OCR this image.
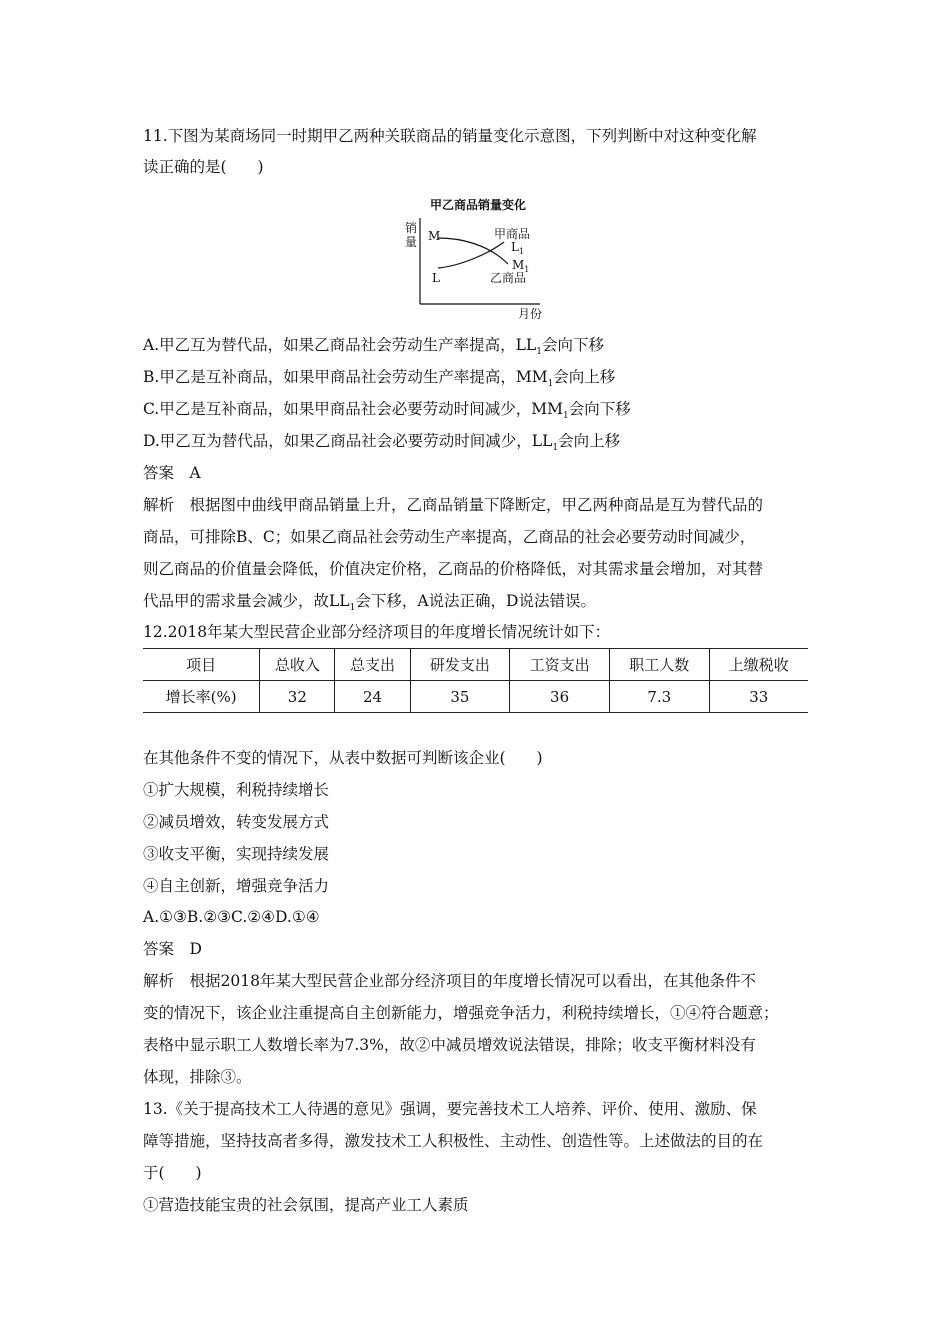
11.下图为某商场同一时期甲乙两种关联商品的销量变化示意图，下列判断中对这种变化解
读正确的是(　　)
甲乙商品销量变化
销
量 M
L
甲商品
$L_1$
$M_1$
乙商品
月份
A.甲乙互为替代品，如果乙商品社会劳动生产率提高，$LL_1$会向下移
B.甲乙是互补商品，如果甲商品社会劳动生产率提高，$MM_1$会向上移
C.甲乙是互补商品，如果甲商品社会必要劳动时间减少，$MM_1$会向下移
D.甲乙互为替代品，如果乙商品社会必要劳动时间减少，$LL_1$会向上移
答案　A
解析　根据图中曲线甲商品销量上升，乙商品销量下降断定，甲乙两种商品是互为替代品的
商品，可排除B、C；如果乙商品社会劳动生产率提高，乙商品的社会必要劳动时间减少，
则乙商品的价值量会降低，价值决定价格，乙商品的价格降低，对其需求量会增加，对其替
代品甲的需求量会减少，故$LL_1$会下移，A说法正确，D说法错误。
12.2018年某大型民营企业部分经济项目的年度增长情况统计如下：
项目	总收入	总支出	研发支出	工资支出	职工人数	上缴税收
增长率(%)	32	24	35	36	7.3	33
在其他条件不变的情况下，从表中数据可判断该企业(　　)
①扩大规模，利税持续增长
②减员增效，转变发展方式
③收支平衡，实现持续发展
④自主创新，增强竞争活力
A.①③B.②③C.②④D.①④
答案　D
解析　根据2018年某大型民营企业部分经济项目的年度增长情况可以看出，在其他条件不
变的情况下，该企业注重提高自主创新能力，增强竞争活力，利税持续增长，①④符合题意；
表格中显示职工人数增长率为7.3%，故②中减员增效说法错误，排除；收支平衡材料没有
体现，排除③。
13.《关于提高技术工人待遇的意见》强调，要完善技术工人培养、评价、使用、激励、保
障等措施，坚持技高者多得，激发技术工人积极性、主动性、创造性等。上述做法的目的在
于(　　)
①营造技能宝贵的社会氛围，提高产业工人素质
